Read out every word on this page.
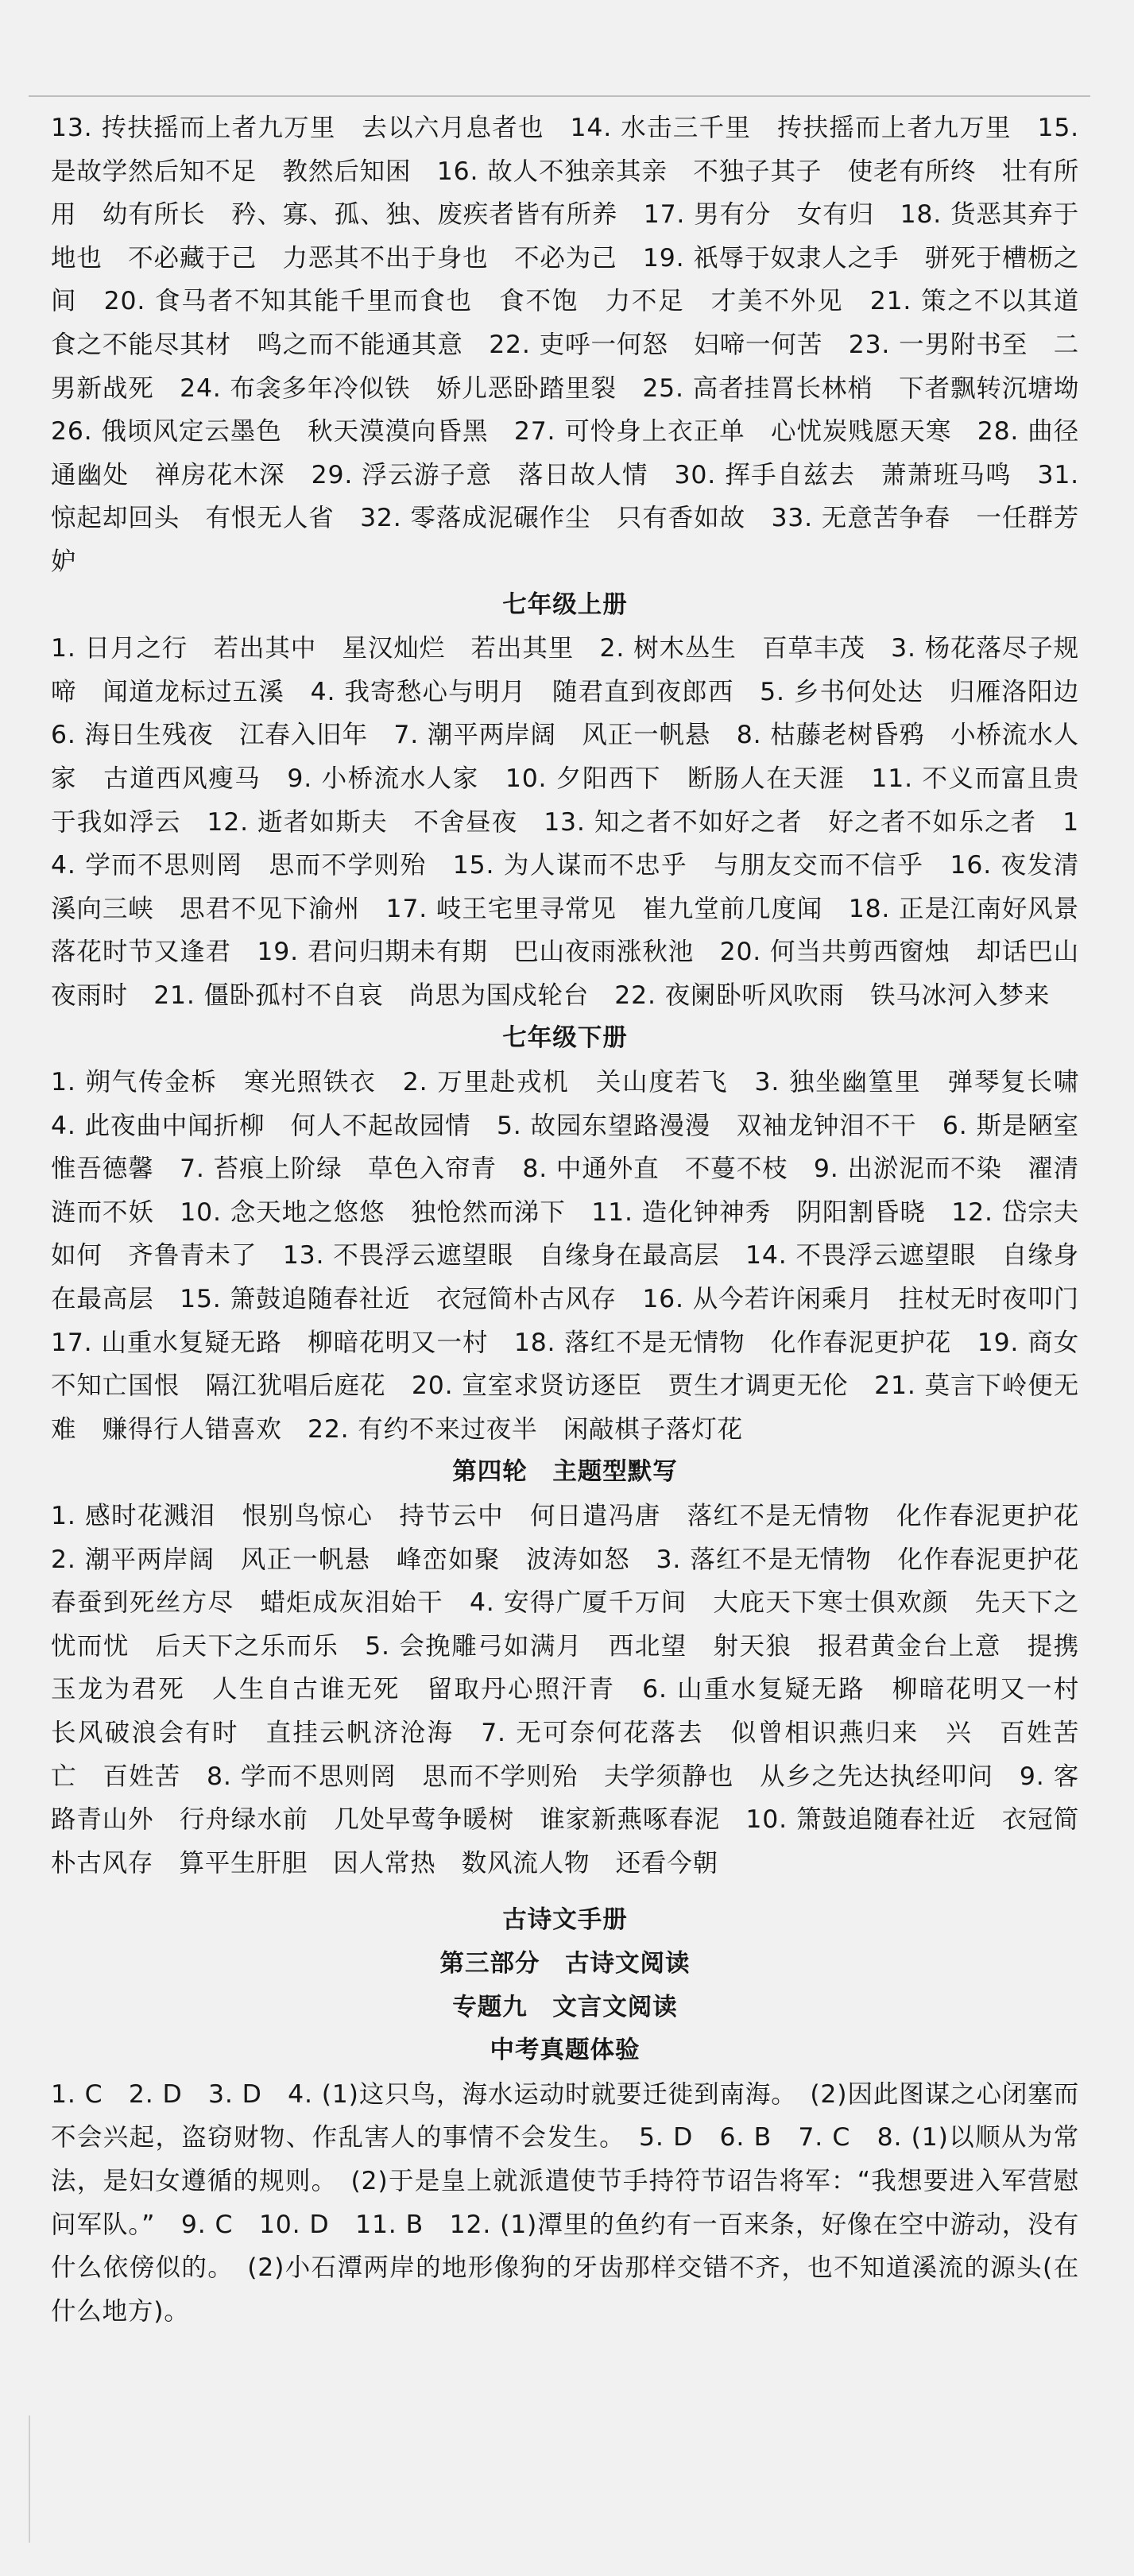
13. 抟扶摇而上者九万里　去以六月息者也　14. 水击三千里　抟扶摇而上者九万里　15. 是故学然后知不足　教然后知困　16. 故人不独亲其亲　不独子其子　使老有所终　壮有所用　幼有所长　矜、寡、孤、独、废疾者皆有所养　17. 男有分　女有归　18. 货恶其弃于地也　不必藏于己　力恶其不出于身也　不必为己　19. 祇辱于奴隶人之手　骈死于槽枥之间　20. 食马者不知其能千里而食也　食不饱　力不足　才美不外见　21. 策之不以其道　食之不能尽其材　鸣之而不能通其意　22. 吏呼一何怒　妇啼一何苦　23. 一男附书至　二男新战死　24. 布衾多年冷似铁　娇儿恶卧踏里裂　25. 高者挂罥长林梢　下者飘转沉塘坳　26. 俄顷风定云墨色　秋天漠漠向昏黑　27. 可怜身上衣正单　心忧炭贱愿天寒　28. 曲径通幽处　禅房花木深　29. 浮云游子意　落日故人情　30. 挥手自兹去　萧萧班马鸣　31. 惊起却回头　有恨无人省　32. 零落成泥碾作尘　只有香如故　33. 无意苦争春　一任群芳妒

七年级上册

1. 日月之行　若出其中　星汉灿烂　若出其里　2. 树木丛生　百草丰茂　3. 杨花落尽子规啼　闻道龙标过五溪　4. 我寄愁心与明月　随君直到夜郎西　5. 乡书何处达　归雁洛阳边　6. 海日生残夜　江春入旧年　7. 潮平两岸阔　风正一帆悬　8. 枯藤老树昏鸦　小桥流水人家　古道西风瘦马　9. 小桥流水人家　10. 夕阳西下　断肠人在天涯　11. 不义而富且贵　于我如浮云　12. 逝者如斯夫　不舍昼夜　13. 知之者不如好之者　好之者不如乐之者　14. 学而不思则罔　思而不学则殆　15. 为人谋而不忠乎　与朋友交而不信乎　16. 夜发清溪向三峡　思君不见下渝州　17. 岐王宅里寻常见　崔九堂前几度闻　18. 正是江南好风景　落花时节又逢君　19. 君问归期未有期　巴山夜雨涨秋池　20. 何当共剪西窗烛　却话巴山夜雨时　21. 僵卧孤村不自哀　尚思为国戍轮台　22. 夜阑卧听风吹雨　铁马冰河入梦来

七年级下册

1. 朔气传金柝　寒光照铁衣　2. 万里赴戎机　关山度若飞　3. 独坐幽篁里　弹琴复长啸　4. 此夜曲中闻折柳　何人不起故园情　5. 故园东望路漫漫　双袖龙钟泪不干　6. 斯是陋室　惟吾德馨　7. 苔痕上阶绿　草色入帘青　8. 中通外直　不蔓不枝　9. 出淤泥而不染　濯清涟而不妖　10. 念天地之悠悠　独怆然而涕下　11. 造化钟神秀　阴阳割昏晓　12. 岱宗夫如何　齐鲁青未了　13. 不畏浮云遮望眼　自缘身在最高层　14. 不畏浮云遮望眼　自缘身在最高层　15. 箫鼓追随春社近　衣冠简朴古风存　16. 从今若许闲乘月　拄杖无时夜叩门　17. 山重水复疑无路　柳暗花明又一村　18. 落红不是无情物　化作春泥更护花　19. 商女不知亡国恨　隔江犹唱后庭花　20. 宣室求贤访逐臣　贾生才调更无伦　21. 莫言下岭便无难　赚得行人错喜欢　22. 有约不来过夜半　闲敲棋子落灯花

第四轮　主题型默写

1. 感时花溅泪　恨别鸟惊心　持节云中　何日遣冯唐　落红不是无情物　化作春泥更护花　2. 潮平两岸阔　风正一帆悬　峰峦如聚　波涛如怒　3. 落红不是无情物　化作春泥更护花　春蚕到死丝方尽　蜡炬成灰泪始干　4. 安得广厦千万间　大庇天下寒士俱欢颜　先天下之忧而忧　后天下之乐而乐　5. 会挽雕弓如满月　西北望　射天狼　报君黄金台上意　提携玉龙为君死　人生自古谁无死　留取丹心照汗青　6. 山重水复疑无路　柳暗花明又一村　长风破浪会有时　直挂云帆济沧海　7. 无可奈何花落去　似曾相识燕归来　兴　百姓苦　亡　百姓苦　8. 学而不思则罔　思而不学则殆　夫学须静也　从乡之先达执经叩问　9. 客路青山外　行舟绿水前　几处早莺争暖树　谁家新燕啄春泥　10. 箫鼓追随春社近　衣冠简朴古风存　算平生肝胆　因人常热　数风流人物　还看今朝

古诗文手册
第三部分　古诗文阅读
专题九　文言文阅读
中考真题体验

1. C　2. D　3. D　4. (1)这只鸟，海水运动时就要迁徙到南海。　(2)因此图谋之心闭塞而不会兴起，盗窃财物、作乱害人的事情不会发生。　5. D　6. B　7. C　8. (1)以顺从为常法，是妇女遵循的规则。　(2)于是皇上就派遣使节手持符节诏告将军：“我想要进入军营慰问军队。”　9. C　10. D　11. B　12. (1)潭里的鱼约有一百来条，好像在空中游动，没有什么依傍似的。　(2)小石潭两岸的地形像狗的牙齿那样交错不齐，也不知道溪流的源头(在什么地方)。
